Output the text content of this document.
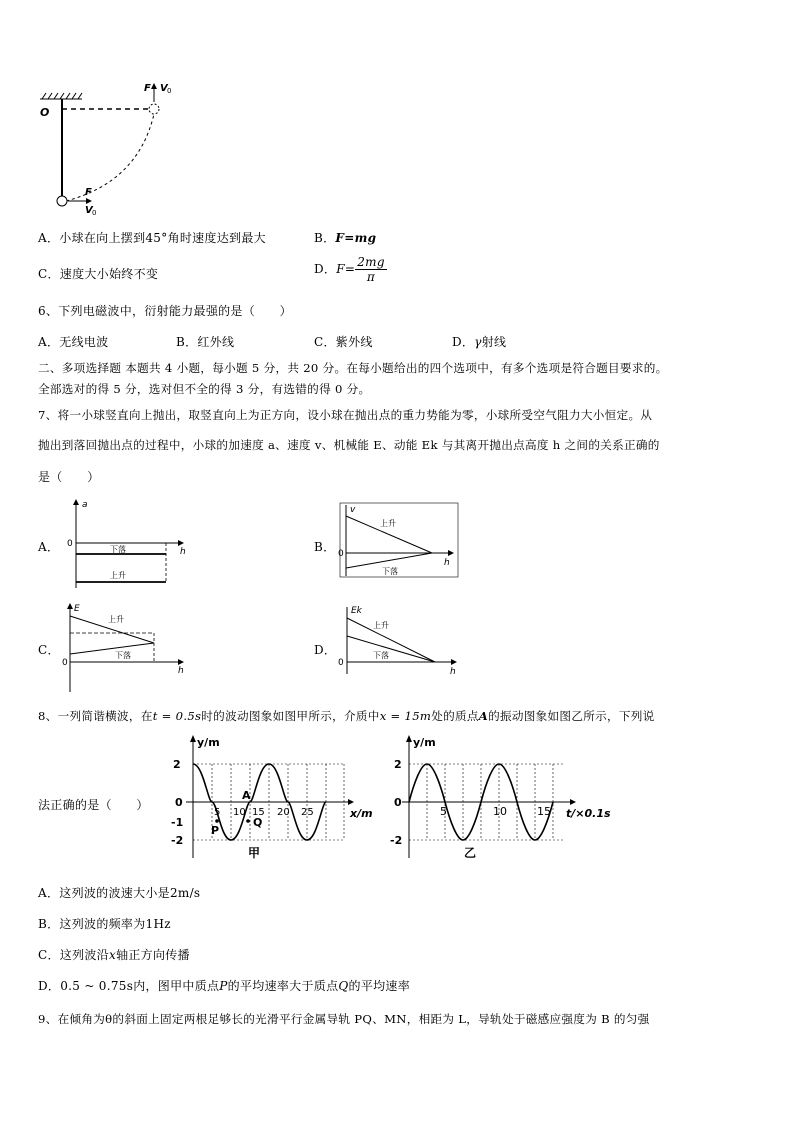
O
F V 0
F
V 0
A．小球在向上摆到45°角时速度达到最大	B．F=mg
C．速度大小始终不变	D．$F= \frac{2mg}{\pi}$
6、下列电磁波中，衍射能力最强的是（　　）
A．无线电波	B．红外线	C．紫外线	D．γ射线
二、多项选择题 本题共 4 小题，每小题 5 分，共 20 分。在每小题给出的四个选项中，有多个选项是符合题目要求的。
全部选对的得 5 分，选对但不全的得 3 分，有选错的得 0 分。
7、将一小球竖直向上抛出，取竖直向上为正方向，设小球在抛出点的重力势能为零，小球所受空气阻力大小恒定。从
抛出到落回抛出点的过程中，小球的加速度 a、速度 v、机械能 E、动能 Ek 与其离开抛出点高度 h 之间的关系正确的
是（　　）
A．	B．
C．	D．
a
h
0
下落
上升
v
h
0
上升
下落
E
h
0
上升
下落
Ek
h
0
上升
下落
8、一列简谐横波，在t = 0.5s时的波动图象如图甲所示，介质中x = 15m处的质点A的振动图象如图乙所示，下列说
法正确的是（　　）
y/m
x/m
2
0
-1
-2
5 10 15 20 25
A
P
Q
甲
y/m
t/×0.1s
2
0
-2
5	10	15
乙
A．这列波的波速大小是2m/s
B．这列波的频率为1Hz
C．这列波沿x轴正方向传播
D．0.5 ~ 0.75s内，图甲中质点P的平均速率大于质点Q的平均速率
9、在倾角为θ的斜面上固定两根足够长的光滑平行金属导轨 PQ、MN，相距为 L，导轨处于磁感应强度为 B 的匀强
